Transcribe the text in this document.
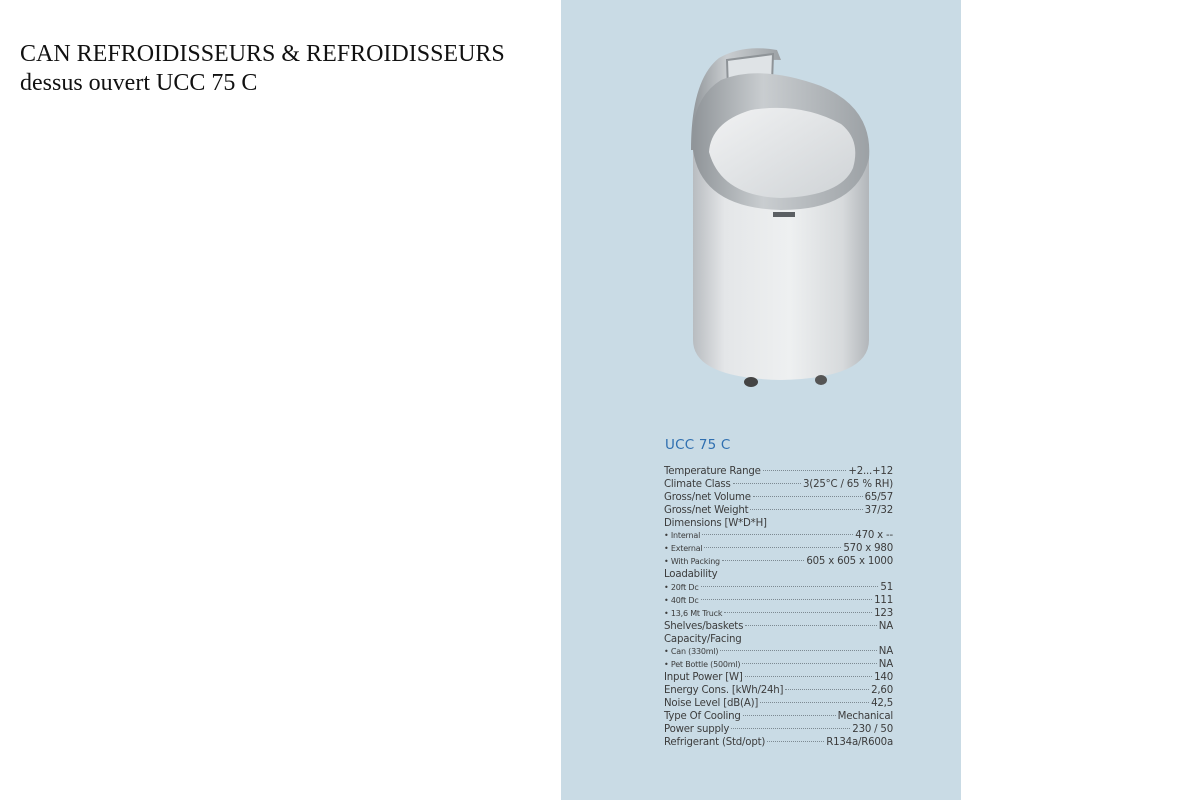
CAN REFROIDISSEURS & REFROIDISSEURS
dessus ouvert UCC 75 C
UCC 75 C
Temperature Range	+2...+12
Climate Class	3(25°C / 65 % RH)
Gross/net Volume	65/57
Gross/net Weight	37/32
Dimensions [W*D*H]
• Internal	470 x --
• External	570 x 980
• With Packing	605 x 605 x 1000
Loadability
• 20ft Dc	51
• 40ft Dc	111
• 13,6 Mt Truck	123
Shelves/baskets	NA
Capacity/Facing
• Can (330ml)	NA
• Pet Bottle (500ml)	NA
Input Power [W]	140
Energy Cons. [kWh/24h]	2,60
Noise Level [dB(A)]	42,5
Type Of Cooling	Mechanical
Power supply	230 / 50
Refrigerant (Std/opt)	R134a/R600a
